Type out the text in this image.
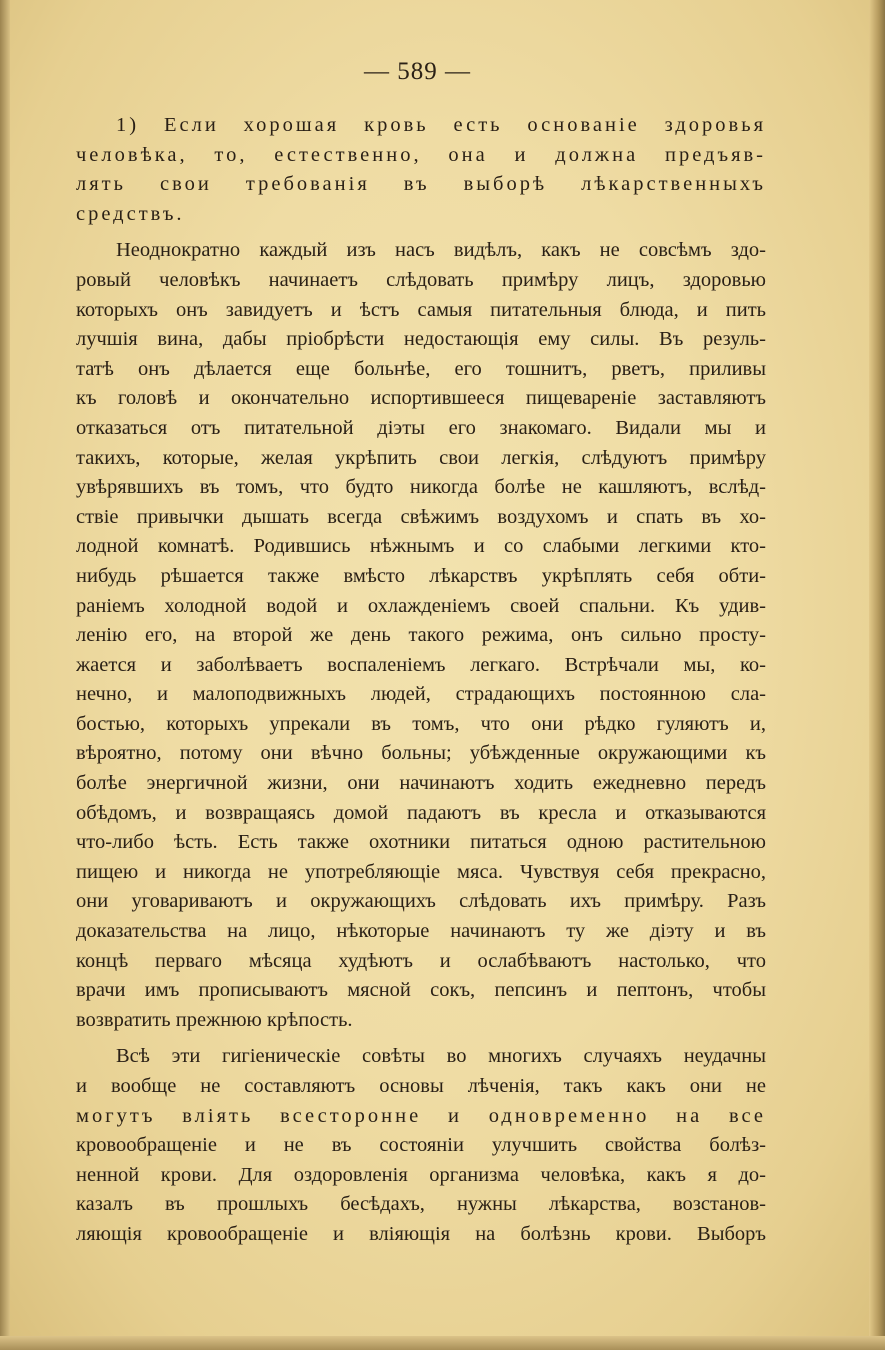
— 589 —

1) Если хорошая кровь есть основаніе здоровья
человѣка, то, естественно, она и должна предъяв-
лять свои требованія въ выборѣ лѣкарственныхъ
средствъ.

Неоднократно каждый изъ насъ видѣлъ, какъ не совсѣмъ здо-
ровый человѣкъ начинаетъ слѣдовать примѣру лицъ, здоровью
которыхъ онъ завидуетъ и ѣстъ самыя питательныя блюда, и пить
лучшія вина, дабы пріобрѣсти недостающія ему силы. Въ резуль-
татѣ онъ дѣлается еще больнѣе, его тошнитъ, рветъ, приливы
къ головѣ и окончательно испортившееся пищевареніе заставляютъ
отказаться отъ питательной діэты его знакомаго. Видали мы и
такихъ, которые, желая укрѣпить свои легкія, слѣдуютъ примѣру
увѣрявшихъ въ томъ, что будто никогда болѣе не кашляютъ, вслѣд-
ствіе привычки дышать всегда свѣжимъ воздухомъ и спать въ хо-
лодной комнатѣ. Родившись нѣжнымъ и со слабыми легкими кто-
нибудь рѣшается также вмѣсто лѣкарствъ укрѣплять себя обти-
раніемъ холодной водой и охлажденіемъ своей спальни. Къ удив-
ленію его, на второй же день такого режима, онъ сильно просту-
жается и заболѣваетъ воспаленіемъ легкаго. Встрѣчали мы, ко-
нечно, и малоподвижныхъ людей, страдающихъ постоянною сла-
бостью, которыхъ упрекали въ томъ, что они рѣдко гуляютъ и,
вѣроятно, потому они вѣчно больны; убѣжденные окружающими къ
болѣе энергичной жизни, они начинаютъ ходить ежедневно передъ
обѣдомъ, и возвращаясь домой падаютъ въ кресла и отказываются
что-либо ѣсть. Есть также охотники питаться одною растительною
пищею и никогда не употребляющіе мяса. Чувствуя себя прекрасно,
они уговариваютъ и окружающихъ слѣдовать ихъ примѣру. Разъ
доказательства на лицо, нѣкоторые начинаютъ ту же діэту и въ
концѣ перваго мѣсяца худѣютъ и ослабѣваютъ настолько, что
врачи имъ прописываютъ мясной сокъ, пепсинъ и пептонъ, чтобы
возвратить прежнюю крѣпость.

Всѣ эти гигіеническіе совѣты во многихъ случаяхъ неудачны
и вообще не составляютъ основы лѣченія, такъ какъ они не
могутъ вліять всесторонне и одновременно на все
кровообращеніе и не въ состояніи улучшить свойства болѣз-
ненной крови. Для оздоровленія организма человѣка, какъ я до-
казалъ въ прошлыхъ бесѣдахъ, нужны лѣкарства, возстанов-
ляющія кровообращеніе и вліяющія на болѣзнь крови. Выборъ
